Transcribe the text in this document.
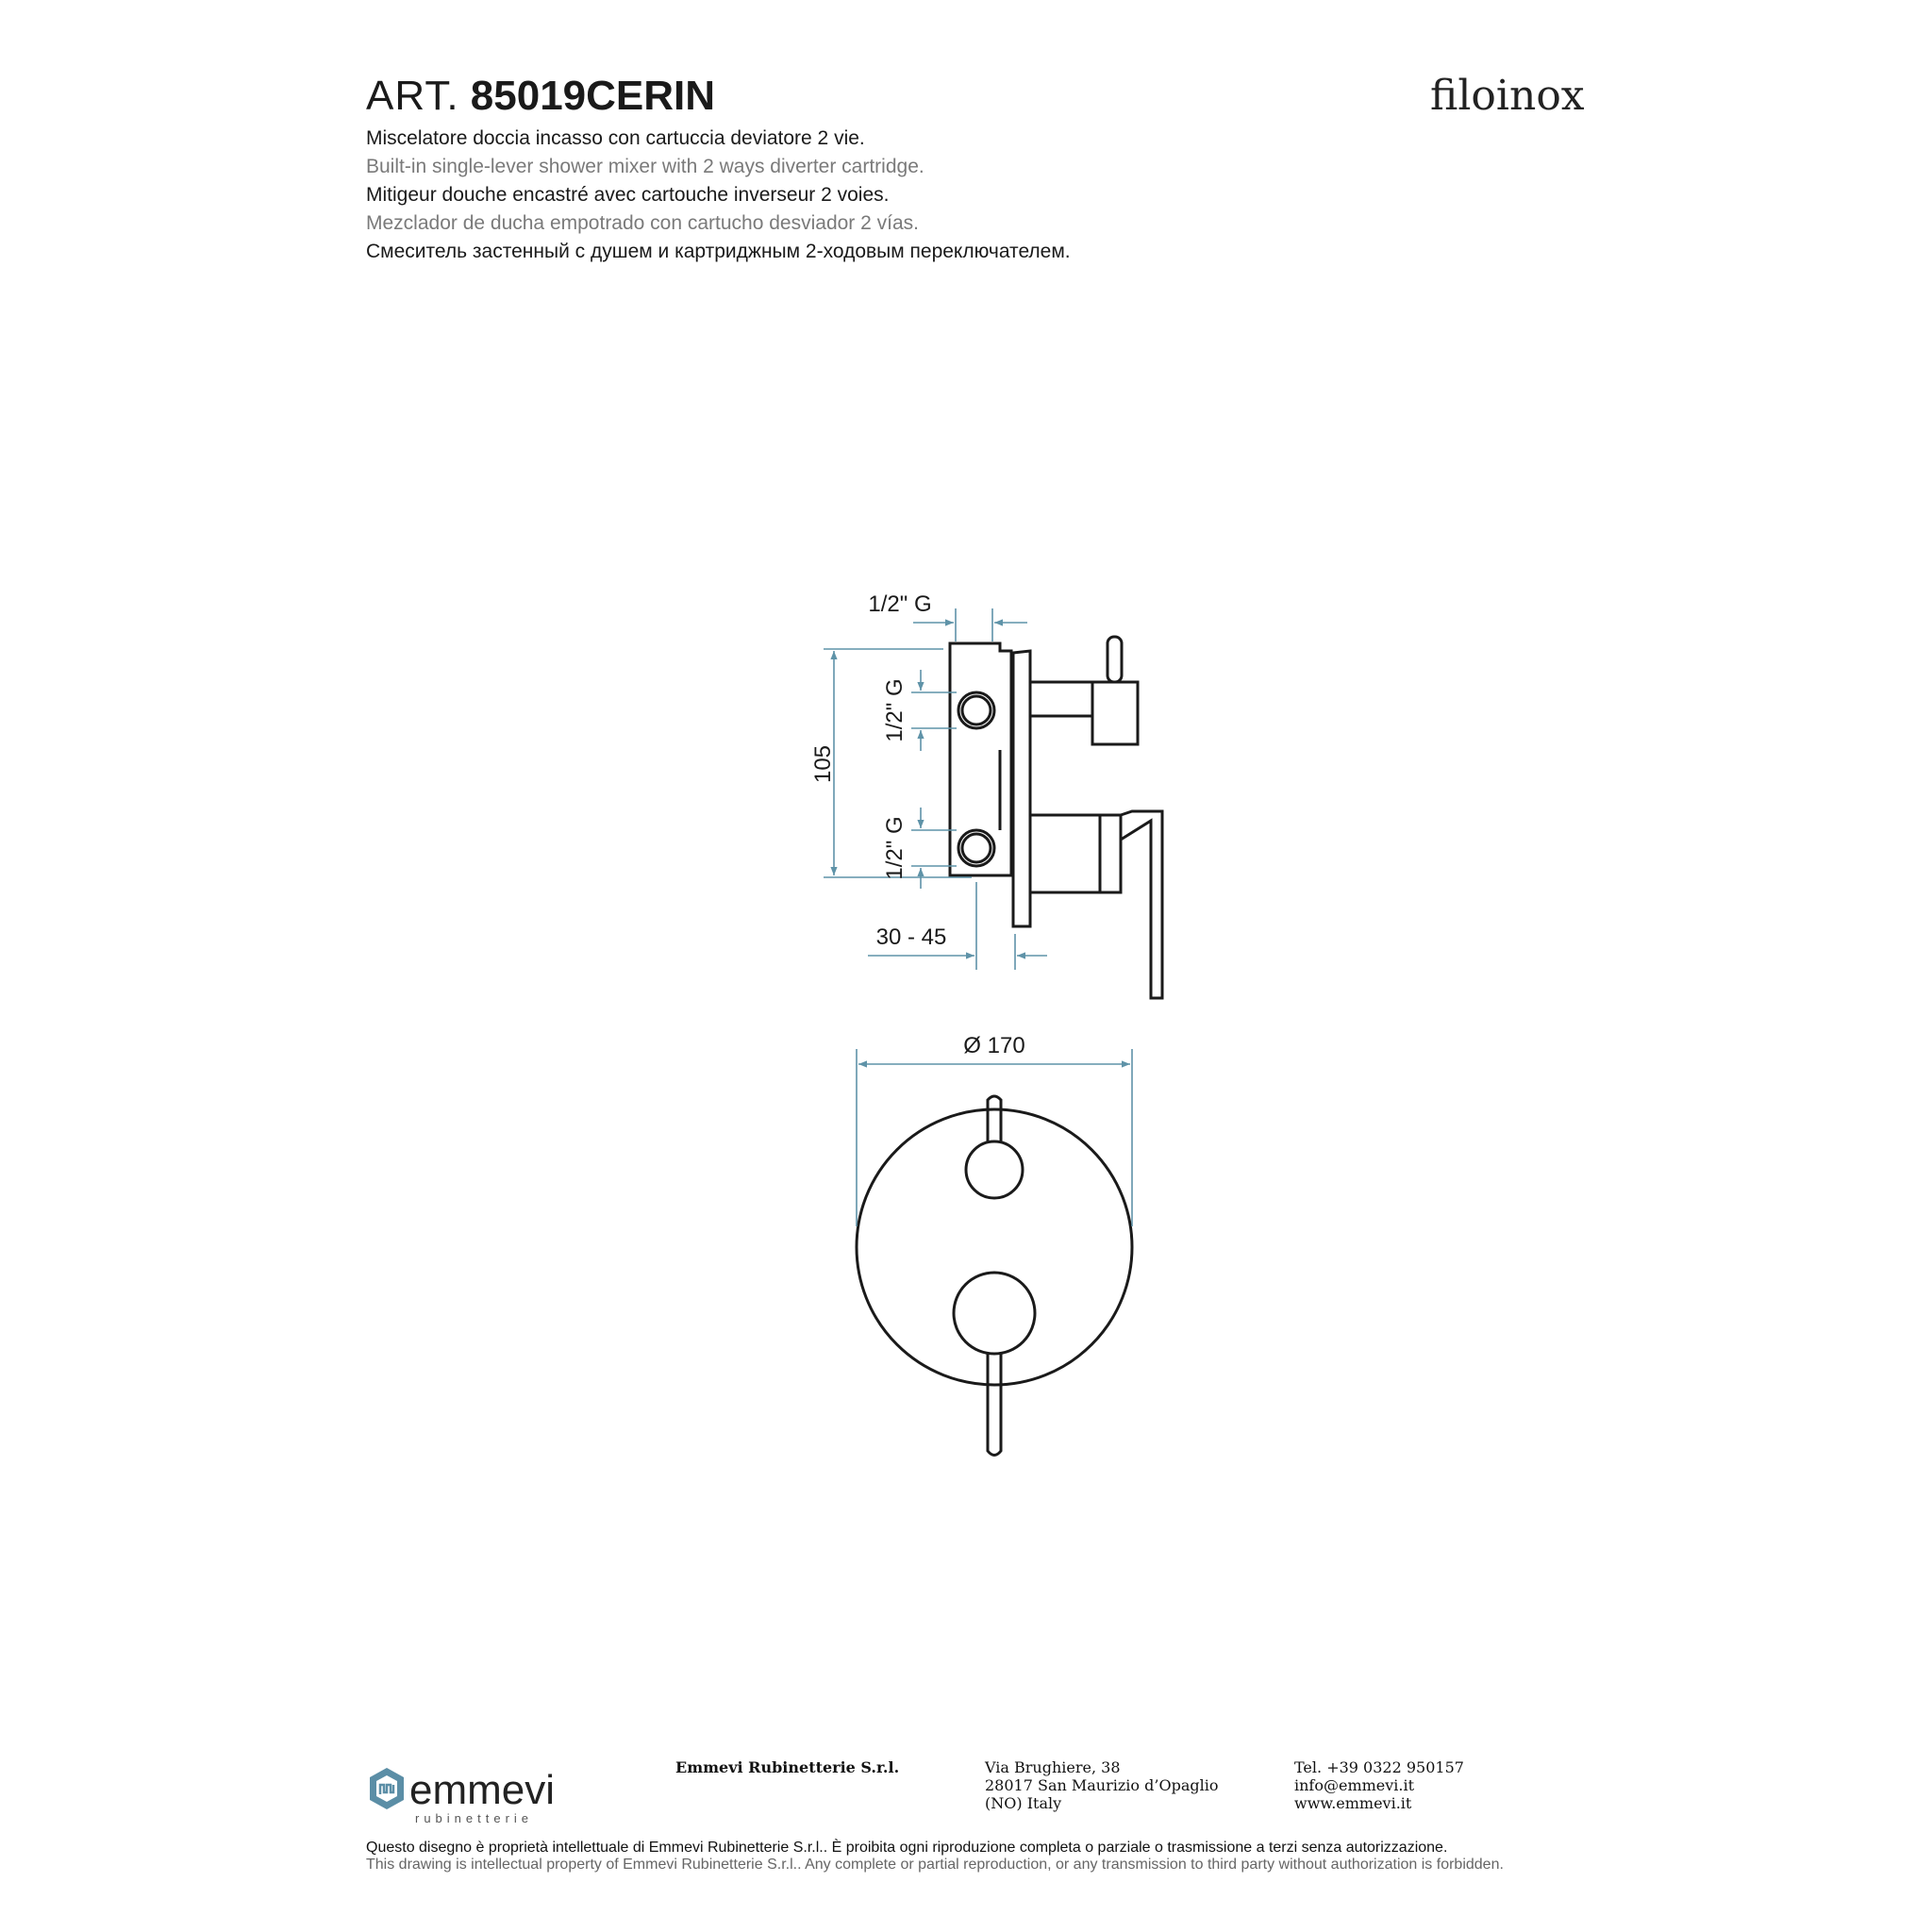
ART. 85019CERIN	filoinox

Miscelatore doccia incasso con cartuccia deviatore 2 vie.

Built-in single-lever shower mixer with 2 ways diverter cartridge.

Mitigeur douche encastré avec cartouche inverseur 2 voies.

Mezclador de ducha empotrado con cartucho desviador 2 vías.

Смеситель застенный с душем и картриджным 2-ходовым переключателем.

1/2" G
105
1/2" G
1/2" G
30 - 45
Ø 170
emmevi
rubinetterie
Emmevi Rubinetterie S.r.l.	Via Brughiere, 38
28017 San Maurizio d’Opaglio
(NO) Italy
Tel. +39 0322 950157
info@emmevi.it
www.emmevi.it
Questo disegno è proprietà intellettuale di Emmevi Rubinetterie S.r.l.. È proibita ogni riproduzione completa o parziale o trasmissione a terzi senza autorizzazione.
This drawing is intellectual property of Emmevi Rubinetterie S.r.l.. Any complete or partial reproduction, or any transmission to third party without authorization is forbidden.
